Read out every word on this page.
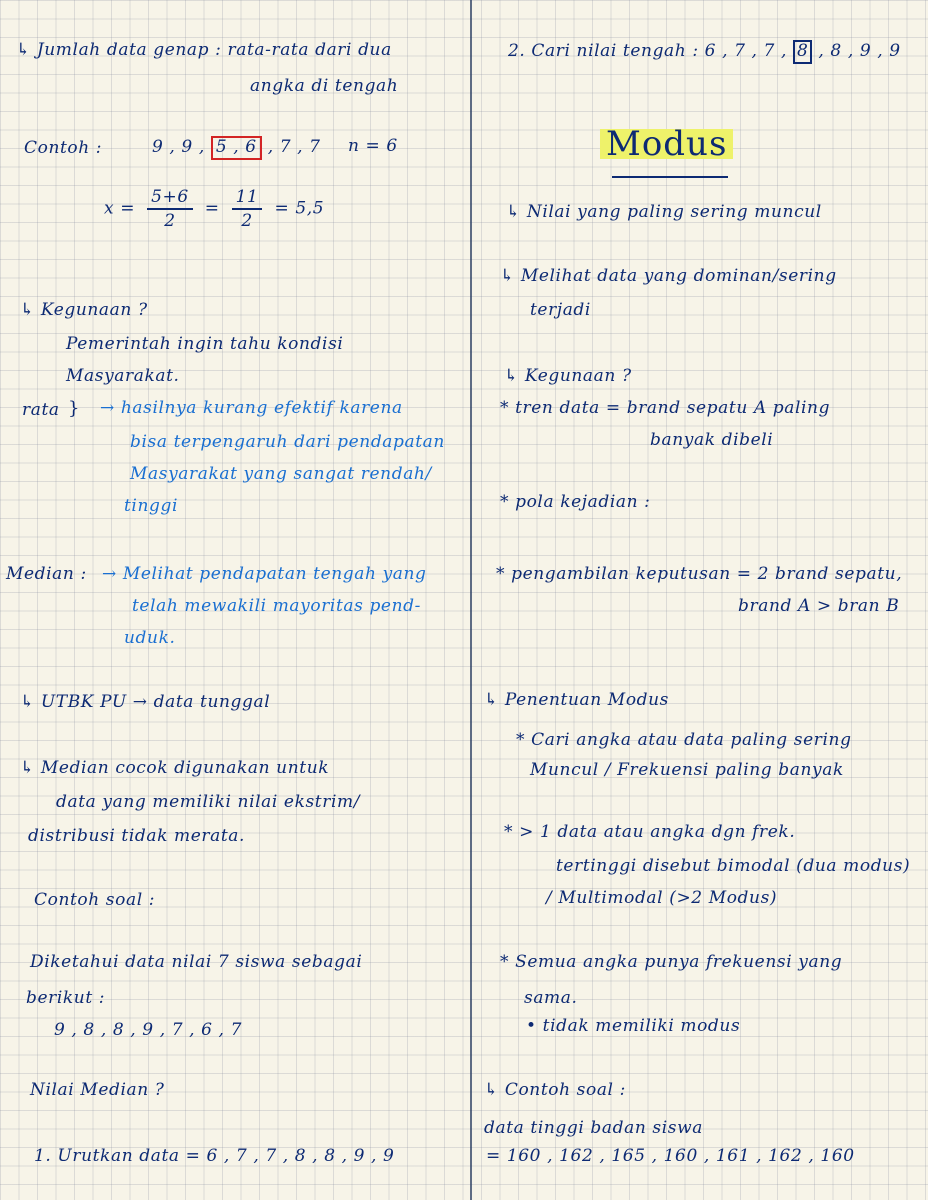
↳ Jumlah data genap : rata-rata dari dua
angka di tengah
Contoh :	9 , 9 , 5 , 6 , 7 , 7 n = 6
$x = \frac{5+6}{2} = \frac{11}{2} = 5,5$
↳ Kegunaan ?
Pemerintah ingin tahu kondisi
Masyarakat.
rata } → hasilnya kurang efektif karena
bisa terpengaruh dari pendapatan
Masyarakat yang sangat rendah/
tinggi
Median : → Melihat pendapatan tengah yang
telah mewakili mayoritas pend-
uduk.
↳ UTBK PU → data tunggal
↳ Median cocok digunakan untuk
data yang memiliki nilai ekstrim/
distribusi tidak merata.
Contoh soal :
Diketahui data nilai 7 siswa sebagai
berikut :
9 , 8 , 8 , 9 , 7 , 6 , 7
Nilai Median ?
1. Urutkan data = 6 , 7 , 7 , 8 , 8 , 9 , 9
2. Cari nilai tengah : 6 , 7 , 7 , 8 , 8 , 9 , 9
Modus
↳ Nilai yang paling sering muncul
↳ Melihat data yang dominan/sering
terjadi
↳ Kegunaan ?
* tren data = brand sepatu A paling
banyak dibeli
* pola kejadian :
* pengambilan keputusan = 2 brand sepatu,
brand A > bran B
↳ Penentuan Modus
* Cari angka atau data paling sering
Muncul / Frekuensi paling banyak
* > 1 data atau angka dgn frek.
tertinggi disebut bimodal (dua modus)
/ Multimodal (>2 Modus)
* Semua angka punya frekuensi yang
sama.
• tidak memiliki modus
↳ Contoh soal :
data tinggi badan siswa
= 160 , 162 , 165 , 160 , 161 , 162 , 160
